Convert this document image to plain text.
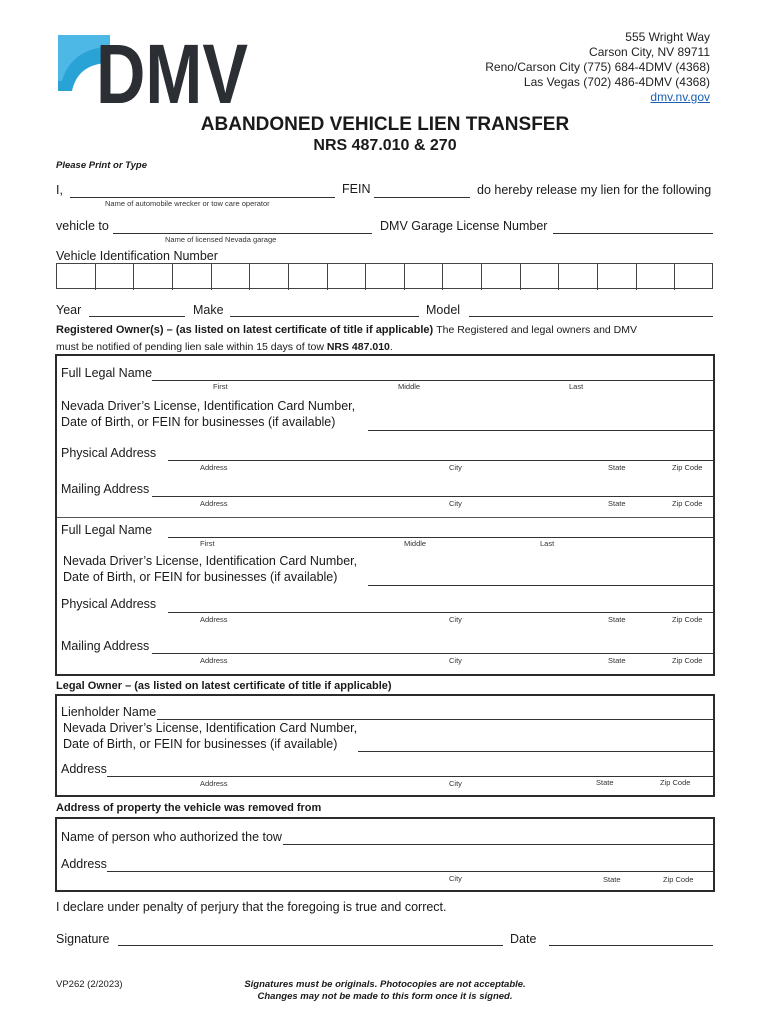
DMV	555 Wright Way
Carson City, NV 89711
Reno/Carson City (775) 684-4DMV (4368)
Las Vegas (702) 486-4DMV (4368)
dmv.nv.gov
ABANDONED VEHICLE LIEN TRANSFER
NRS 487.010 & 270
Please Print or Type
I,
Name of automobile wrecker or tow care operator
FEIN	do hereby release my lien for the following
vehicle to
Name of licensed Nevada garage
DMV Garage License Number
Vehicle Identification Number
Year	Make	Model
Registered Owner(s) – (as listed on latest certificate of title if applicable) The Registered and legal owners and DMV
must be notified of pending lien sale within 15 days of tow NRS 487.010.
Full Legal Name
First	Middle	Last
Nevada Driver’s License, Identification Card Number,
Date of Birth, or FEIN for businesses (if available)
Physical Address
Address	City	State	Zip Code
Mailing Address
Address	City	State	Zip Code
Full Legal Name
First	Middle	Last
Nevada Driver’s License, Identification Card Number,
Date of Birth, or FEIN for businesses (if available)
Physical Address
Address	City	State	Zip Code
Mailing Address
Address	City	State	Zip Code
Legal Owner – (as listed on latest certificate of title if applicable)
Lienholder Name
Nevada Driver’s License, Identification Card Number,
Date of Birth, or FEIN for businesses (if available)
Address
Address	City	State	Zip Code
Address of property the vehicle was removed from
Name of person who authorized the tow
Address
City	State	Zip Code
I declare under penalty of perjury that the foregoing is true and correct.
Signature	Date
VP262 (2/2023)	Signatures must be originals. Photocopies are not acceptable.
Changes may not be made to this form once it is signed.
